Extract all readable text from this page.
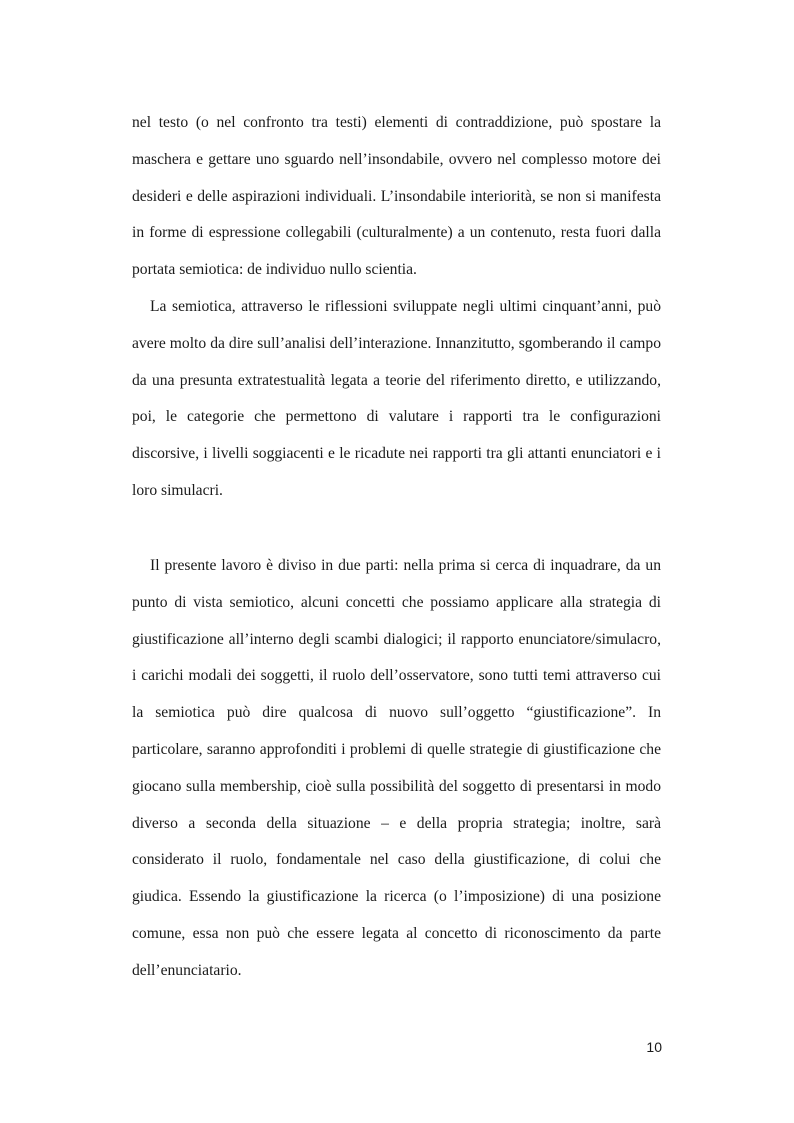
nel testo (o nel confronto tra testi) elementi di contraddizione, può spostare la maschera e gettare uno sguardo nell’insondabile, ovvero nel complesso motore dei desideri e delle aspirazioni individuali. L’insondabile interiorità, se non si manifesta in forme di espressione collegabili (culturalmente) a un contenuto, resta fuori dalla portata semiotica: de individuo nullo scientia.

La semiotica, attraverso le riflessioni sviluppate negli ultimi cinquant’anni, può avere molto da dire sull’analisi dell’interazione. Innanzitutto, sgomberando il campo da una presunta extratestualità legata a teorie del riferimento diretto, e utilizzando, poi, le categorie che permettono di valutare i rapporti tra le configurazioni discorsive, i livelli soggiacenti e le ricadute nei rapporti tra gli attanti enunciatori e i loro simulacri.

Il presente lavoro è diviso in due parti: nella prima si cerca di inquadrare, da un punto di vista semiotico, alcuni concetti che possiamo applicare alla strategia di giustificazione all’interno degli scambi dialogici; il rapporto enunciatore/simulacro, i carichi modali dei soggetti, il ruolo dell’osservatore, sono tutti temi attraverso cui la semiotica può dire qualcosa di nuovo sull’oggetto “giustificazione”. In particolare, saranno approfonditi i problemi di quelle strategie di giustificazione che giocano sulla membership, cioè sulla possibilità del soggetto di presentarsi in modo diverso a seconda della situazione – e della propria strategia; inoltre, sarà considerato il ruolo, fondamentale nel caso della giustificazione, di colui che giudica. Essendo la giustificazione la ricerca (o l’imposizione) di una posizione comune, essa non può che essere legata al concetto di riconoscimento da parte dell’enunciatario.

10
